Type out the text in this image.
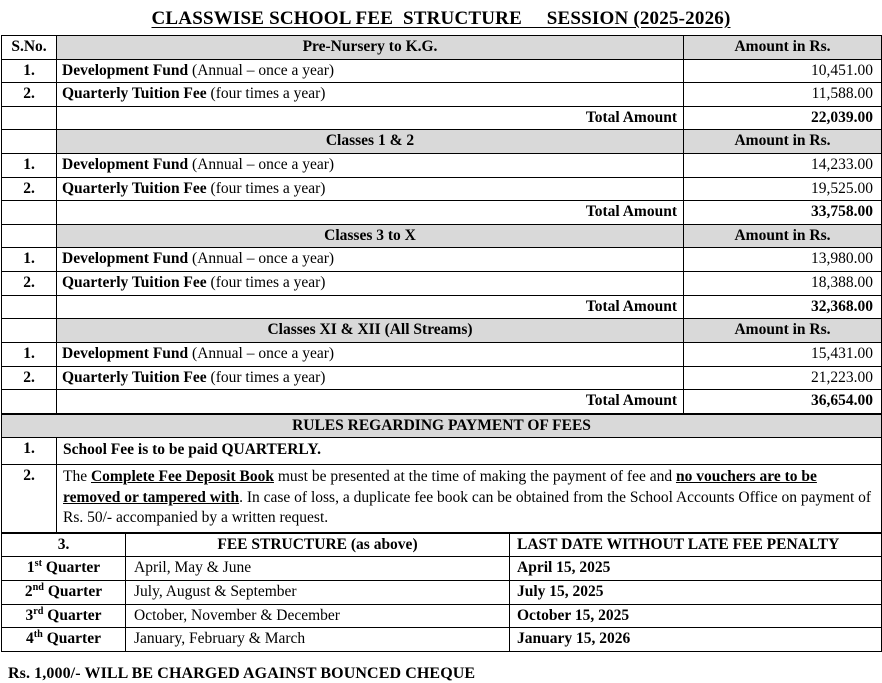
CLASSWISE SCHOOL FEE  STRUCTURE     SESSION (2025-2026)
S.No.	Pre-Nursery to K.G.	Amount in Rs.
1.	Development Fund (Annual – once a year)	10,451.00
2.	Quarterly Tuition Fee (four times a year)	11,588.00
	Total Amount	22,039.00
	Classes 1 & 2	Amount in Rs.
1.	Development Fund (Annual – once a year)	14,233.00
2.	Quarterly Tuition Fee (four times a year)	19,525.00
	Total Amount	33,758.00
	Classes 3 to X	Amount in Rs.
1.	Development Fund (Annual – once a year)	13,980.00
2.	Quarterly Tuition Fee (four times a year)	18,388.00
	Total Amount	32,368.00
	Classes XI & XII (All Streams)	Amount in Rs.
1.	Development Fund (Annual – once a year)	15,431.00
2.	Quarterly Tuition Fee (four times a year)	21,223.00
	Total Amount	36,654.00
RULES REGARDING PAYMENT OF FEES	
1.	School Fee is to be paid QUARTERLY.
2.	The Complete Fee Deposit Book must be presented at the time of making the payment of fee and no vouchers are to be removed or tampered with. In case of loss, a duplicate fee book can be obtained from the School Accounts Office on payment of Rs. 50/- accompanied by a written request.
3.	FEE STRUCTURE (as above)	LAST DATE WITHOUT LATE FEE PENALTY
1st Quarter	April, May & June	April 15, 2025
2nd Quarter	July, August & September	July 15, 2025
3rd Quarter	October, November & December	October 15, 2025
4th Quarter	January, February & March	January 15, 2026
Rs. 1,000/- WILL BE CHARGED AGAINST BOUNCED CHEQUE
